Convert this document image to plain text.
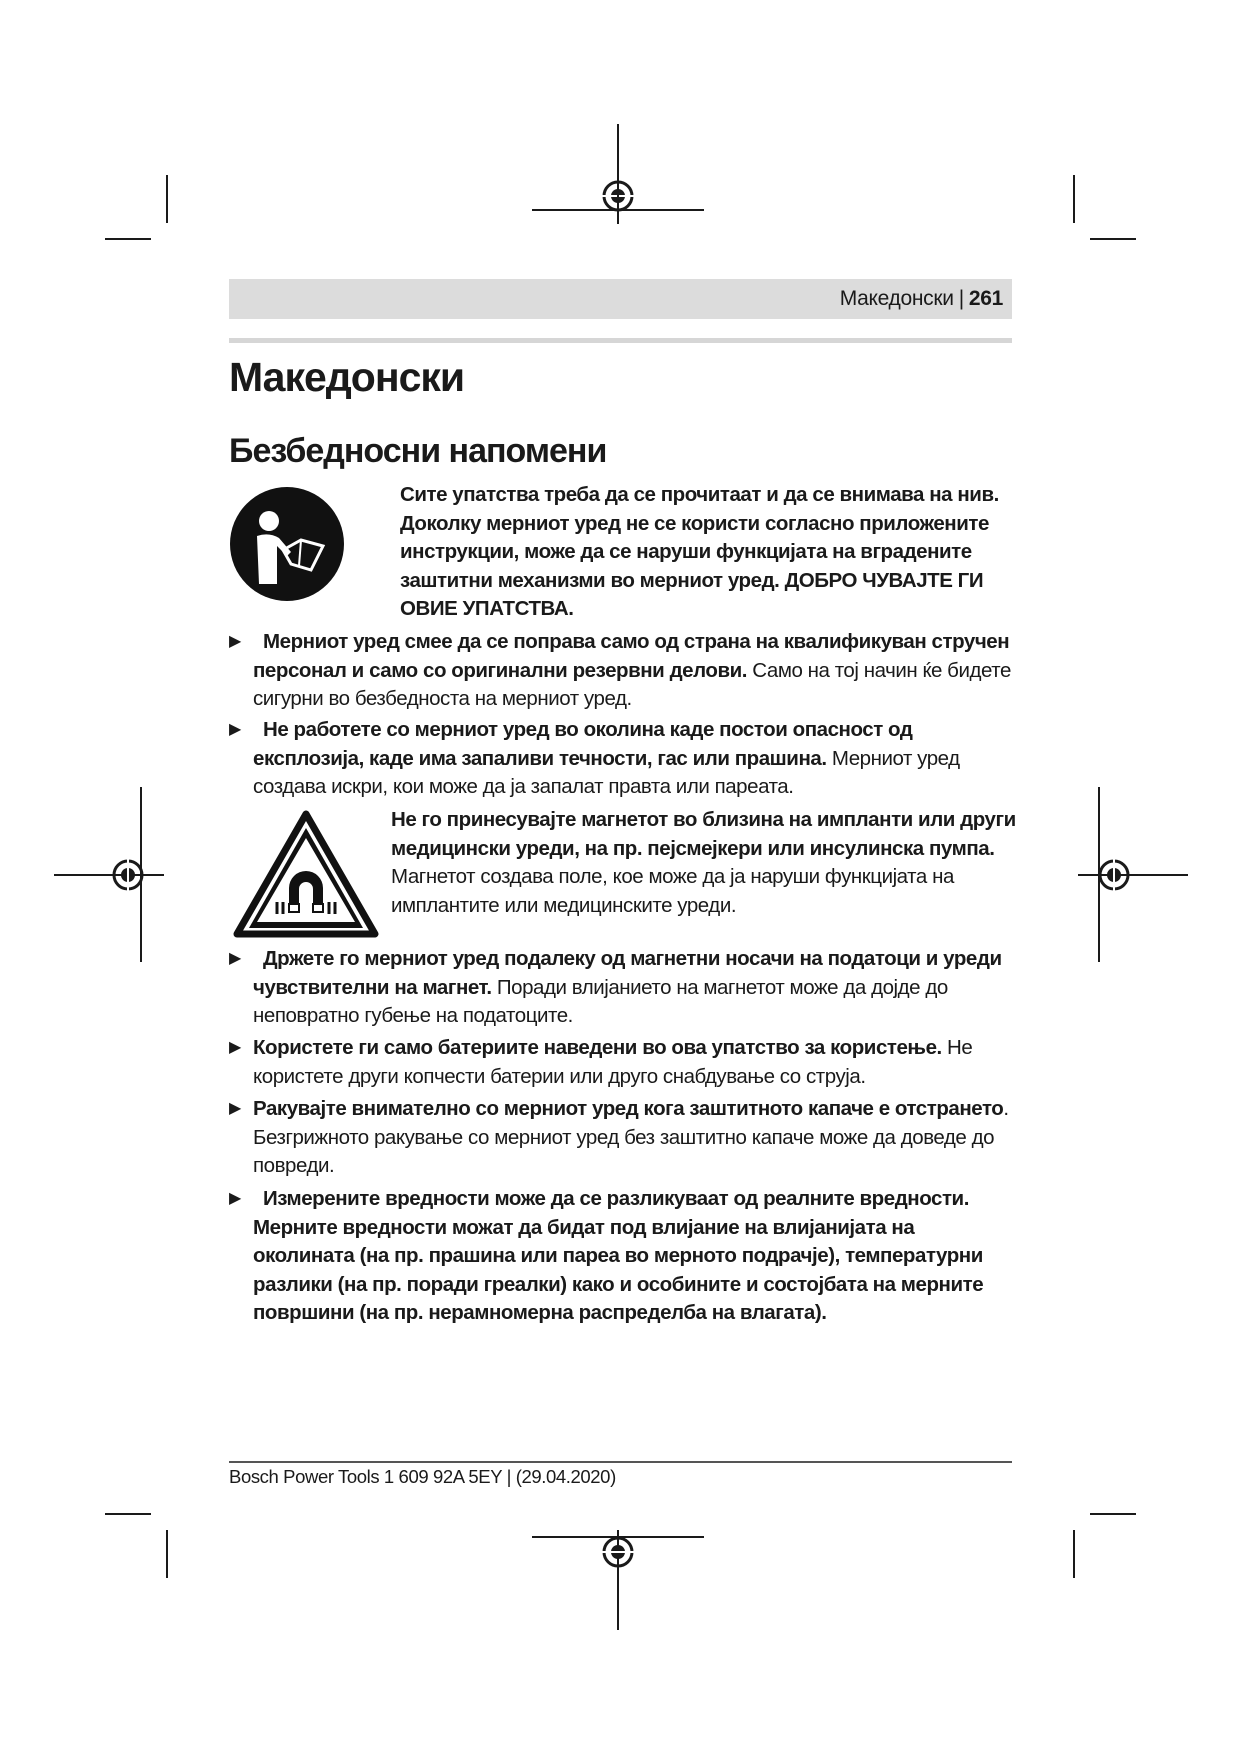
Македонски | 261
Македонски
Безбедносни напомени

Сите упатства треба да се прочитаат и да се внимава на нив. Доколку мерниот уред не се користи согласно приложените инструкции, може да се наруши функцијата на вградените заштитни механизми во мерниот уред. ДОБРО ЧУВАЈТЕ ГИ ОВИЕ УПАТСТВА.

▶	Мерниот уред смее да се поправа само од страна на квалификуван стручен персонал и само со оригинални резервни делови. Само на тој начин ќе бидете сигурни во безбедноста на мерниот уред.
▶	Не работете со мерниот уред во околина каде постои опасност од експлозија, каде има запаливи течности, гас или прашина. Мерниот уред создава искри, кои може да ја запалат правта или пареата.

Не го принесувајте магнетот во близина на импланти или други медицински уреди, на пр. пејсмејкери или инсулинска пумпа. Магнетот создава поле, кое може да ја наруши функцијата на имплантите или медицинските уреди.

▶	Држете го мерниот уред подалеку од магнетни носачи на податоци и уреди чувствителни на магнет. Поради влијанието на магнетот може да дојде до неповратно губење на податоците.
▶ Користете ги само батериите наведени во ова упатство за користење. Не користете други копчести батерии или друго снабдување со струја.
▶ Ракувајте внимателно со мерниот уред кога заштитното капаче е отстрането. Безгрижното ракување со мерниот уред без заштитно капаче може да доведе до повреди.
▶	Измерените вредности може да се разликуваат од реалните вредности. Мерните вредности можат да бидат под влијание на влијанијата на околината (на пр. прашина или пареа во мерното подрачје), температурни разлики (на пр. поради греалки) како и особините и состојбата на мерните површини (на пр. нерамномерна распределба на влагата).
Bosch Power Tools 1 609 92A 5EY | (29.04.2020)
